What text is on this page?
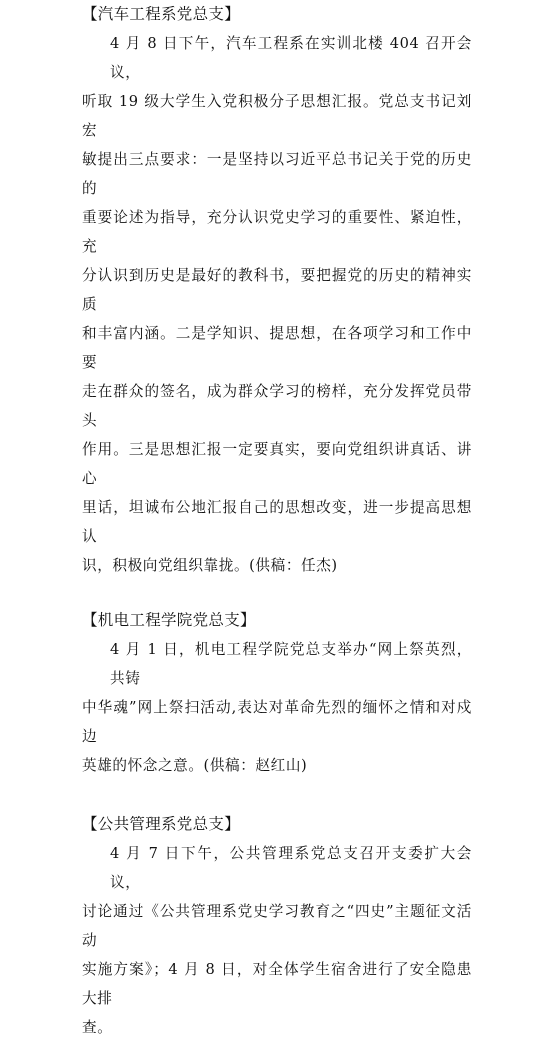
【汽车工程系党总支】

4 月 8 日下午，汽车工程系在实训北楼 404 召开会议，
听取 19 级大学生入党积极分子思想汇报。党总支书记刘宏
敏提出三点要求：一是坚持以习近平总书记关于党的历史的
重要论述为指导，充分认识党史学习的重要性、紧迫性，充
分认识到历史是最好的教科书，要把握党的历史的精神实质
和丰富内涵。二是学知识、提思想，在各项学习和工作中要
走在群众的签名，成为群众学习的榜样，充分发挥党员带头
作用。三是思想汇报一定要真实，要向党组织讲真话、讲心
里话，坦诚布公地汇报自己的思想改变，进一步提高思想认
识，积极向党组织靠拢。(供稿：任杰)

【机电工程学院党总支】

4 月 1 日，机电工程学院党总支举办“网上祭英烈，共铸
中华魂”网上祭扫活动,表达对革命先烈的缅怀之情和对戍边
英雄的怀念之意。(供稿：赵红山)

【公共管理系党总支】

4 月 7 日下午，公共管理系党总支召开支委扩大会议，
讨论通过《公共管理系党史学习教育之“四史”主题征文活动
实施方案》；4 月 8 日，对全体学生宿舍进行了安全隐患大排
查。
